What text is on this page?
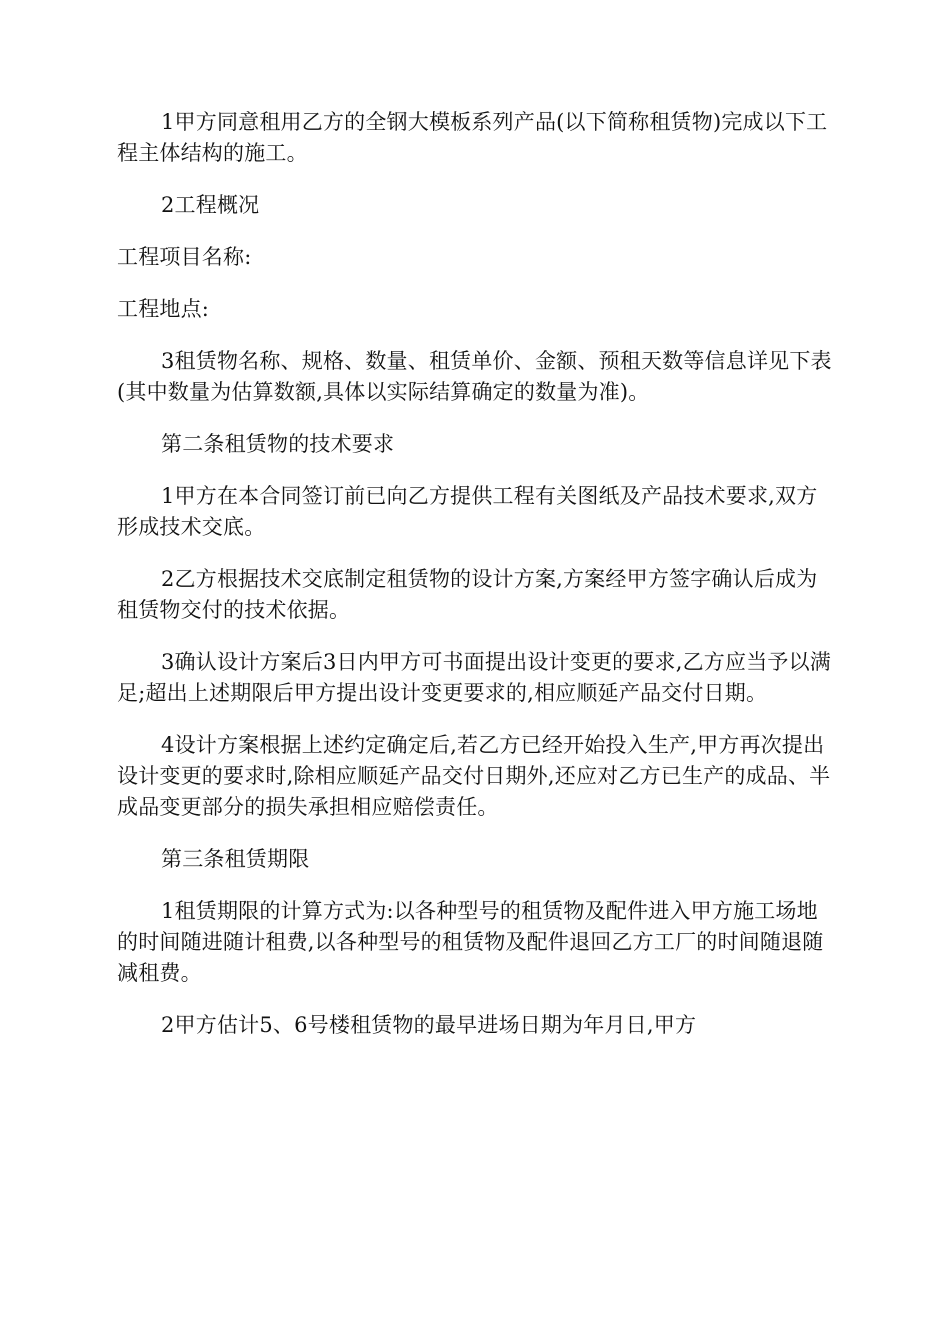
1甲方同意租用乙方的全钢大模板系列产品(以下简称租赁物)完成以下工程主体结构的施工。

2工程概况

工程项目名称:

工程地点:

3租赁物名称、规格、数量、租赁单价、金额、预租天数等信息详见下表(其中数量为估算数额,具体以实际结算确定的数量为准)。

第二条租赁物的技术要求

1甲方在本合同签订前已向乙方提供工程有关图纸及产品技术要求,双方形成技术交底。

2乙方根据技术交底制定租赁物的设计方案,方案经甲方签字确认后成为租赁物交付的技术依据。

3确认设计方案后3日内甲方可书面提出设计变更的要求,乙方应当予以满足;超出上述期限后甲方提出设计变更要求的,相应顺延产品交付日期。

4设计方案根据上述约定确定后,若乙方已经开始投入生产,甲方再次提出设计变更的要求时,除相应顺延产品交付日期外,还应对乙方已生产的成品、半成品变更部分的损失承担相应赔偿责任。

第三条租赁期限

1租赁期限的计算方式为:以各种型号的租赁物及配件进入甲方施工场地的时间随进随计租费,以各种型号的租赁物及配件退回乙方工厂的时间随退随减租费。

2甲方估计5、6号楼租赁物的最早进场日期为年月日,甲方
